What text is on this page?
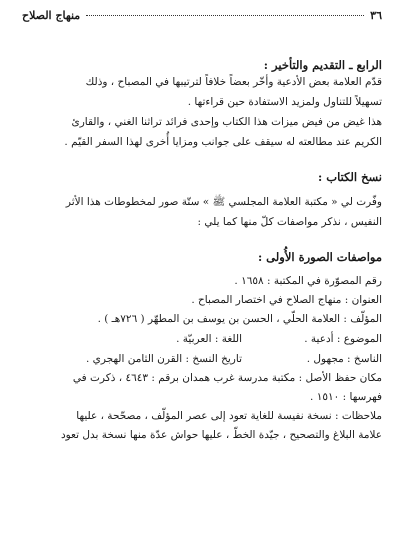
٣٦
منهاج الصلاح

الرابع ـ التقديم والتأخير :

قدّم العلامة بعض الأدعية وأخّر بعضاً خلافاً لترتيبها في المصباح ، وذلك

تسهيلاً للتناول ولمزيد الاستفادة حين قراءتها .

هذا غيض من فيض ميزات هذا الكتاب وإحدى فرائد تراثنا الغني ، والقارئ

الكريم عند مطالعته له سيقف على جوانب ومزايا أُخرى لهذا السفر القيّم .

نسخ الكتاب :

وفّرت لي « مكتبة العلامة المجلسي ﷺ » ستّة صور لمخطوطات هذا الأثر

النفيس ، نذكر مواصفات كلّ منها كما يلي :

مواصفات الصورة الأُولى :

رقم المصوّرة في المكتبة : ١٦٥٨ .

العنوان : منهاج الصلاح في اختصار المصباح .

المؤلّف : العلامة الحلّي ، الحسن بن يوسف بن المطهّر ( ٧٢٦هـ ) .

الموضوع : أدعية .
اللغة : العربيّة .
الناسخ : مجهول .
تاريخ النسخ : القرن الثامن الهجري .

مكان حفظ الأصل : مكتبة مدرسة غرب همدان برقم : ٤٦٤٣ ، ذكرت في

فهرسها : ١٥١٠ .

ملاحظات : نسخة نفيسة للغاية تعود إلى عصر المؤلّف ، مصحّحة ، عليها

علامة البلاغ والتصحيح ، جيّدة الخطّ ، عليها حواش عدّة منها نسخة بدل تعود
